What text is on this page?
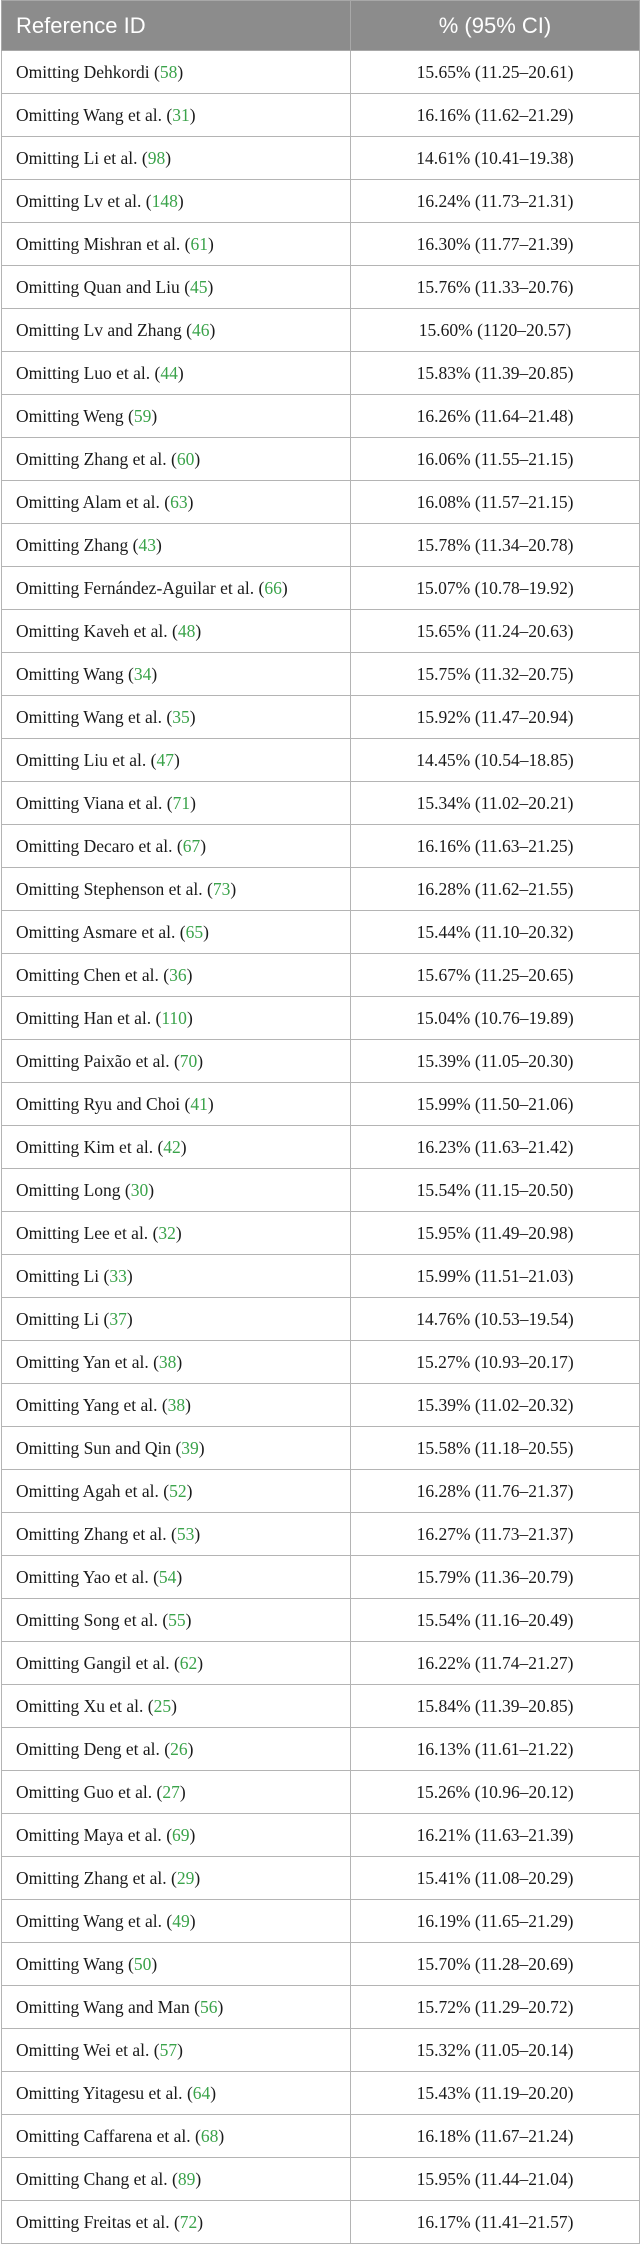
Reference ID	% (95% CI)
Omitting Dehkordi (58)	15.65% (11.25–20.61)
Omitting Wang et al. (31)	16.16% (11.62–21.29)
Omitting Li et al. (98)	14.61% (10.41–19.38)
Omitting Lv et al. (148)	16.24% (11.73–21.31)
Omitting Mishran et al. (61)	16.30% (11.77–21.39)
Omitting Quan and Liu (45)	15.76% (11.33–20.76)
Omitting Lv and Zhang (46)	15.60% (1120–20.57)
Omitting Luo et al. (44)	15.83% (11.39–20.85)
Omitting Weng (59)	16.26% (11.64–21.48)
Omitting Zhang et al. (60)	16.06% (11.55–21.15)
Omitting Alam et al. (63)	16.08% (11.57–21.15)
Omitting Zhang (43)	15.78% (11.34–20.78)
Omitting Fernández-Aguilar et al. (66)	15.07% (10.78–19.92)
Omitting Kaveh et al. (48)	15.65% (11.24–20.63)
Omitting Wang (34)	15.75% (11.32–20.75)
Omitting Wang et al. (35)	15.92% (11.47–20.94)
Omitting Liu et al. (47)	14.45% (10.54–18.85)
Omitting Viana et al. (71)	15.34% (11.02–20.21)
Omitting Decaro et al. (67)	16.16% (11.63–21.25)
Omitting Stephenson et al. (73)	16.28% (11.62–21.55)
Omitting Asmare et al. (65)	15.44% (11.10–20.32)
Omitting Chen et al. (36)	15.67% (11.25–20.65)
Omitting Han et al. (110)	15.04% (10.76–19.89)
Omitting Paixão et al. (70)	15.39% (11.05–20.30)
Omitting Ryu and Choi (41)	15.99% (11.50–21.06)
Omitting Kim et al. (42)	16.23% (11.63–21.42)
Omitting Long (30)	15.54% (11.15–20.50)
Omitting Lee et al. (32)	15.95% (11.49–20.98)
Omitting Li (33)	15.99% (11.51–21.03)
Omitting Li (37)	14.76% (10.53–19.54)
Omitting Yan et al. (38)	15.27% (10.93–20.17)
Omitting Yang et al. (38)	15.39% (11.02–20.32)
Omitting Sun and Qin (39)	15.58% (11.18–20.55)
Omitting Agah et al. (52)	16.28% (11.76–21.37)
Omitting Zhang et al. (53)	16.27% (11.73–21.37)
Omitting Yao et al. (54)	15.79% (11.36–20.79)
Omitting Song et al. (55)	15.54% (11.16–20.49)
Omitting Gangil et al. (62)	16.22% (11.74–21.27)
Omitting Xu et al. (25)	15.84% (11.39–20.85)
Omitting Deng et al. (26)	16.13% (11.61–21.22)
Omitting Guo et al. (27)	15.26% (10.96–20.12)
Omitting Maya et al. (69)	16.21% (11.63–21.39)
Omitting Zhang et al. (29)	15.41% (11.08–20.29)
Omitting Wang et al. (49)	16.19% (11.65–21.29)
Omitting Wang (50)	15.70% (11.28–20.69)
Omitting Wang and Man (56)	15.72% (11.29–20.72)
Omitting Wei et al. (57)	15.32% (11.05–20.14)
Omitting Yitagesu et al. (64)	15.43% (11.19–20.20)
Omitting Caffarena et al. (68)	16.18% (11.67–21.24)
Omitting Chang et al. (89)	15.95% (11.44–21.04)
Omitting Freitas et al. (72)	16.17% (11.41–21.57)
